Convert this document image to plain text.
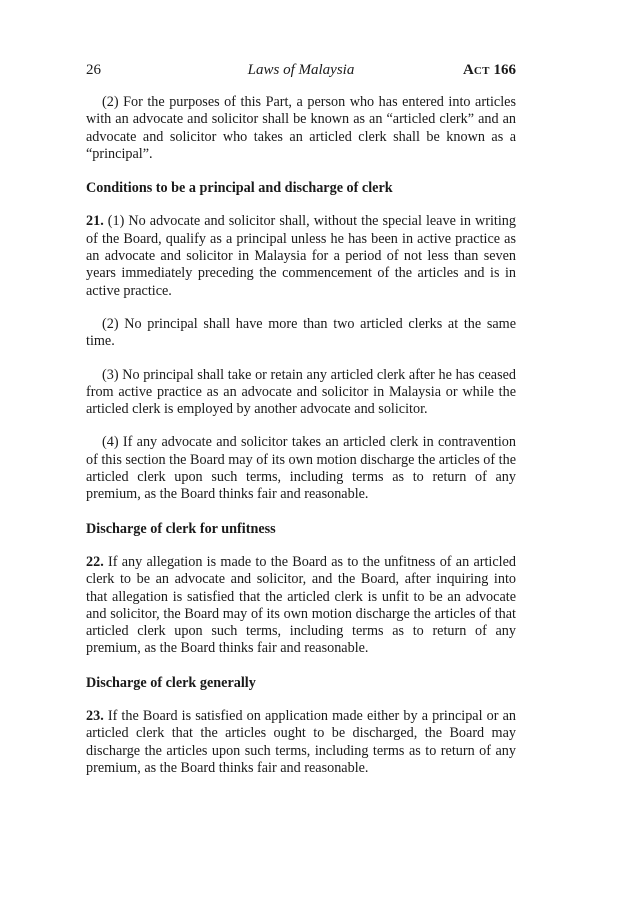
26	Laws of Malaysia	ACT 166

(2) For the purposes of this Part, a person who has entered into articles with an advocate and solicitor shall be known as an “articled clerk” and an advocate and solicitor who takes an articled clerk shall be known as a “principal”.

Conditions to be a principal and discharge of clerk

21. (1) No advocate and solicitor shall, without the special leave in writing of the Board, qualify as a principal unless he has been in active practice as an advocate and solicitor in Malaysia for a period of not less than seven years immediately preceding the commencement of the articles and is in active practice.

(2) No principal shall have more than two articled clerks at the same time.

(3) No principal shall take or retain any articled clerk after he has ceased from active practice as an advocate and solicitor in Malaysia or while the articled clerk is employed by another advocate and solicitor.

(4) If any advocate and solicitor takes an articled clerk in contravention of this section the Board may of its own motion discharge the articles of the articled clerk upon such terms, including terms as to return of any premium, as the Board thinks fair and reasonable.

Discharge of clerk for unfitness

22. If any allegation is made to the Board as to the unfitness of an articled clerk to be an advocate and solicitor, and the Board, after inquiring into that allegation is satisfied that the articled clerk is unfit to be an advocate and solicitor, the Board may of its own motion discharge the articles of that articled clerk upon such terms, including terms as to return of any premium, as the Board thinks fair and reasonable.

Discharge of clerk generally

23. If the Board is satisfied on application made either by a principal or an articled clerk that the articles ought to be discharged, the Board may discharge the articles upon such terms, including terms as to return of any premium, as the Board thinks fair and reasonable.
